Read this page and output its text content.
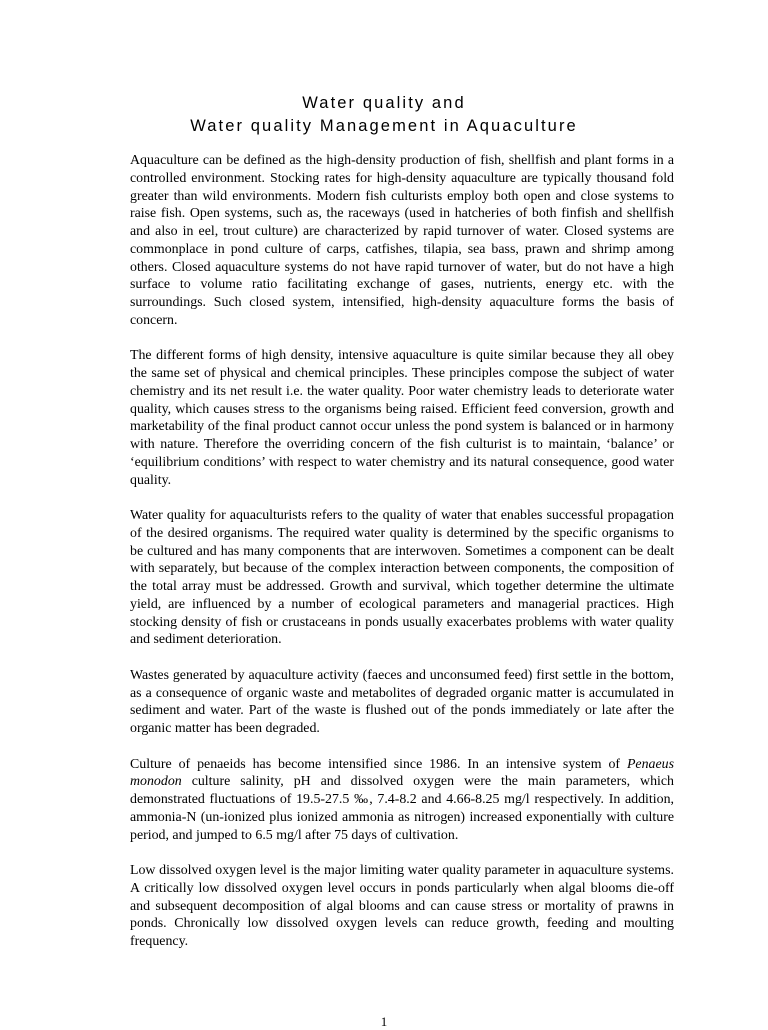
Water quality and
Water quality Management in Aquaculture

Aquaculture can be defined as the high-density production of fish, shellfish and plant forms in a controlled environment. Stocking rates for high-density aquaculture are typically thousand fold greater than wild environments. Modern fish culturists employ both open and close systems to raise fish. Open systems, such as, the raceways (used in hatcheries of both finfish and shellfish and also in eel, trout culture) are characterized by rapid turnover of water. Closed systems are commonplace in pond culture of carps, catfishes, tilapia, sea bass, prawn and shrimp among others. Closed aquaculture systems do not have rapid turnover of water, but do not have a high surface to volume ratio facilitating exchange of gases, nutrients, energy etc. with the surroundings. Such closed system, intensified, high-density aquaculture forms the basis of concern.

The different forms of high density, intensive aquaculture is quite similar because they all obey the same set of physical and chemical principles. These principles compose the subject of water chemistry and its net result i.e. the water quality. Poor water chemistry leads to deteriorate water quality, which causes stress to the organisms being raised. Efficient feed conversion, growth and marketability of the final product cannot occur unless the pond system is balanced or in harmony with nature. Therefore the overriding concern of the fish culturist is to maintain, ‘balance’ or ‘equilibrium conditions’ with respect to water chemistry and its natural consequence, good water quality.

Water quality for aquaculturists refers to the quality of water that enables successful propagation of the desired organisms. The required water quality is determined by the specific organisms to be cultured and has many components that are interwoven. Sometimes a component can be dealt with separately, but because of the complex interaction between components, the composition of the total array must be addressed. Growth and survival, which together determine the ultimate yield, are influenced by a number of ecological parameters and managerial practices. High stocking density of fish or crustaceans in ponds usually exacerbates problems with water quality and sediment deterioration.

Wastes generated by aquaculture activity (faeces and unconsumed feed) first settle in the bottom, as a consequence of organic waste and metabolites of degraded organic matter is accumulated in sediment and water. Part of the waste is flushed out of the ponds immediately or late after the organic matter has been degraded.

Culture of penaeids has become intensified since 1986. In an intensive system of Penaeus monodon culture salinity, pH and dissolved oxygen were the main parameters, which demonstrated fluctuations of 19.5-27.5 ‰, 7.4-8.2 and 4.66-8.25 mg/l respectively. In addition, ammonia-N (un-ionized plus ionized ammonia as nitrogen) increased exponentially with culture period, and jumped to 6.5 mg/l after 75 days of cultivation.

Low dissolved oxygen level is the major limiting water quality parameter in aquaculture systems. A critically low dissolved oxygen level occurs in ponds particularly when algal blooms die-off and subsequent decomposition of algal blooms and can cause stress or mortality of prawns in ponds. Chronically low dissolved oxygen levels can reduce growth, feeding and moulting frequency.

1
